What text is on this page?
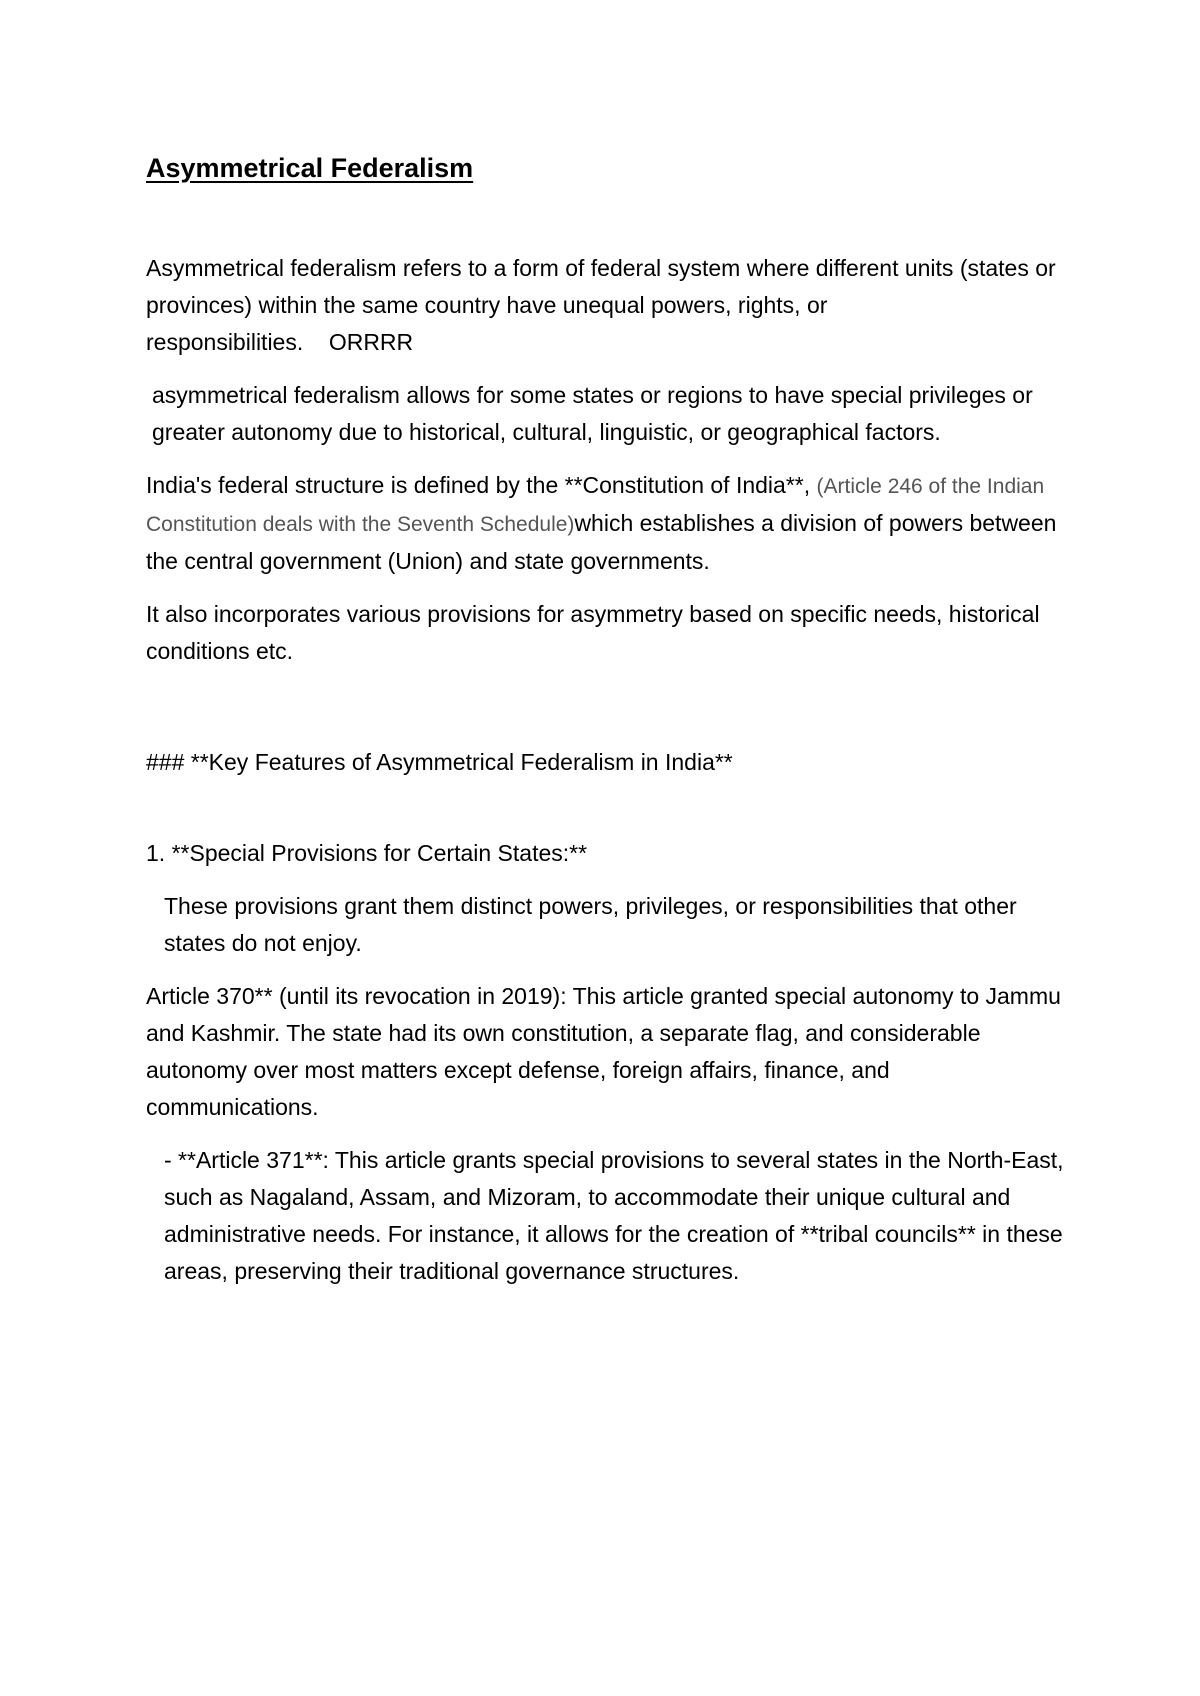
Asymmetrical Federalism

Asymmetrical federalism refers to a form of federal system where different units (states or provinces) within the same country have unequal powers, rights, or responsibilities. ORRRR

asymmetrical federalism allows for some states or regions to have special privileges or greater autonomy due to historical, cultural, linguistic, or geographical factors.

India's federal structure is defined by the **Constitution of India**, (Article 246 of the Indian Constitution deals with the Seventh Schedule)which establishes a division of powers between the central government (Union) and state governments.

It also incorporates various provisions for asymmetry based on specific needs, historical conditions etc.

### **Key Features of Asymmetrical Federalism in India**

1. **Special Provisions for Certain States:**

These provisions grant them distinct powers, privileges, or responsibilities that other states do not enjoy.

Article 370** (until its revocation in 2019): This article granted special autonomy to Jammu and Kashmir. The state had its own constitution, a separate flag, and considerable autonomy over most matters except defense, foreign affairs, finance, and communications.

- **Article 371**: This article grants special provisions to several states in the North-East, such as Nagaland, Assam, and Mizoram, to accommodate their unique cultural and administrative needs. For instance, it allows for the creation of **tribal councils** in these areas, preserving their traditional governance structures.
